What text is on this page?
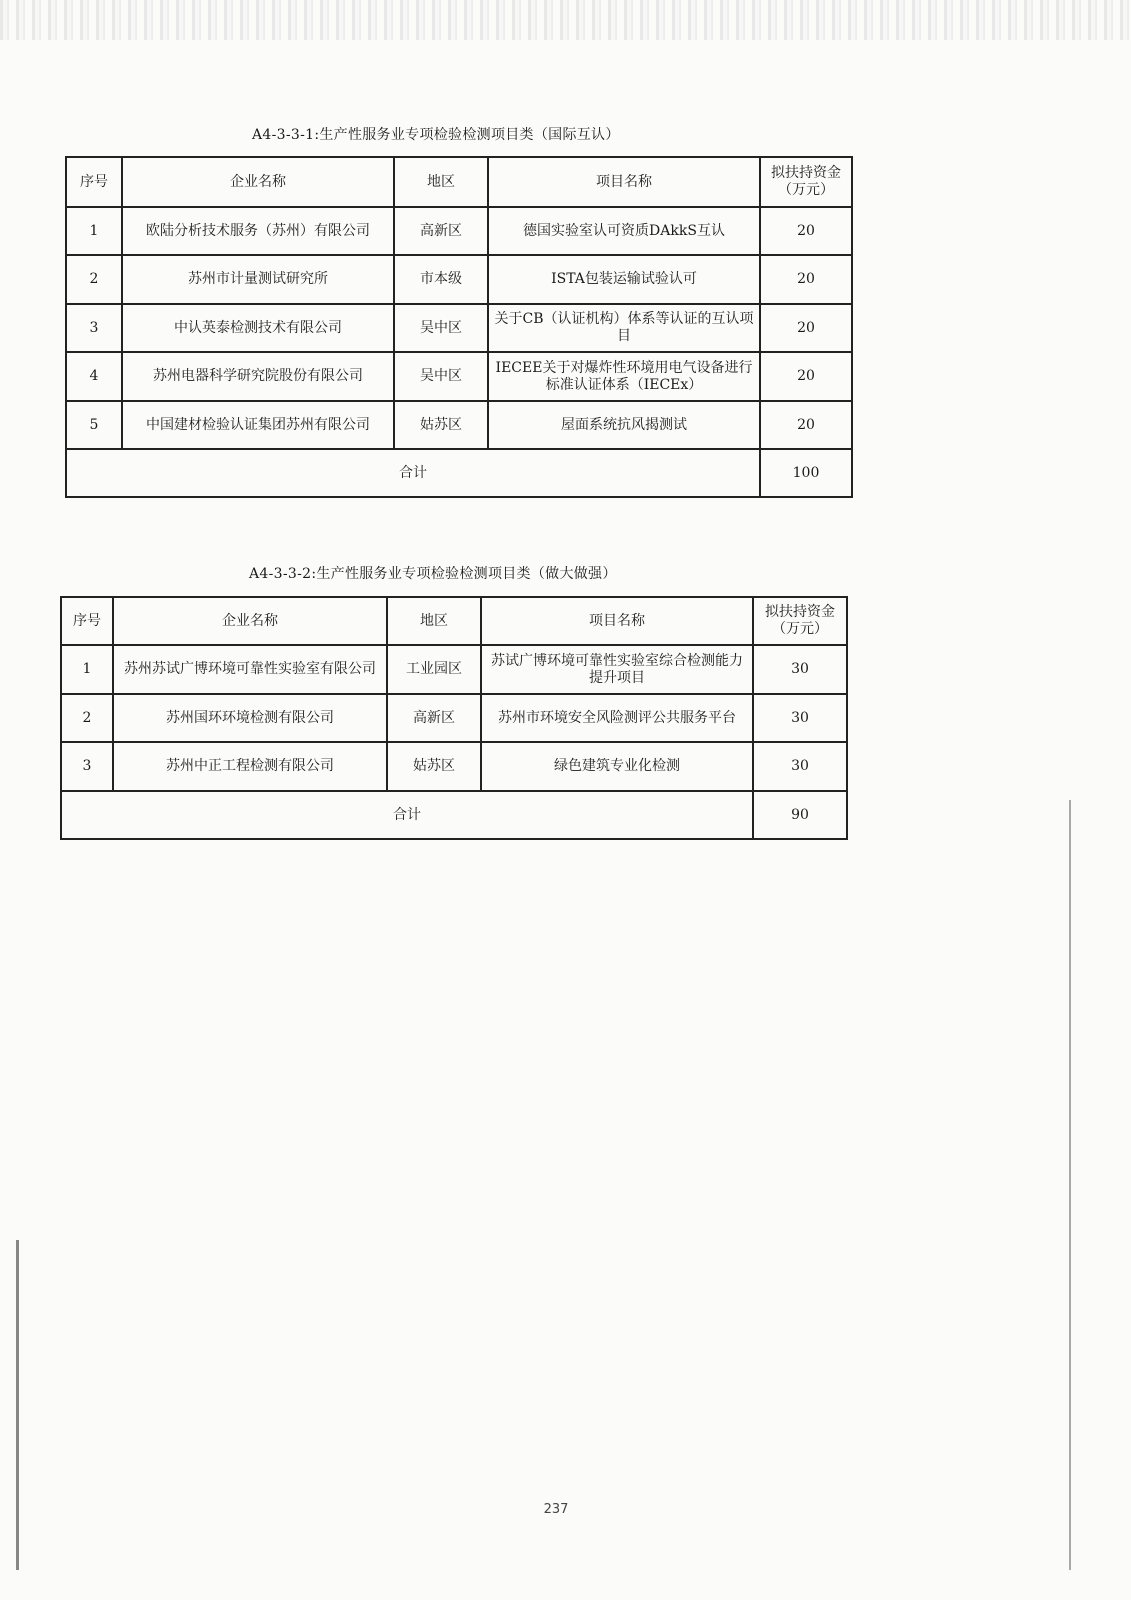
A4-3-3-1:生产性服务业专项检验检测项目类（国际互认）
序号	企业名称	地区	项目名称	拟扶持资金（万元）
1	欧陆分析技术服务（苏州）有限公司	高新区	德国实验室认可资质DAkkS互认	20
2	苏州市计量测试研究所	市本级	ISTA包装运输试验认可	20
3	中认英泰检测技术有限公司	吴中区	关于CB（认证机构）体系等认证的互认项目	20
4	苏州电器科学研究院股份有限公司	吴中区	IECEE关于对爆炸性环境用电气设备进行标准认证体系（IECEx）	20
5	中国建材检验认证集团苏州有限公司	姑苏区	屋面系统抗风揭测试	20
合计				100
A4-3-3-2:生产性服务业专项检验检测项目类（做大做强）
序号	企业名称	地区	项目名称	拟扶持资金（万元）
1	苏州苏试广博环境可靠性实验室有限公司	工业园区	苏试广博环境可靠性实验室综合检测能力提升项目	30
2	苏州国环环境检测有限公司	高新区	苏州市环境安全风险测评公共服务平台	30
3	苏州中正工程检测有限公司	姑苏区	绿色建筑专业化检测	30
合计				90
237
